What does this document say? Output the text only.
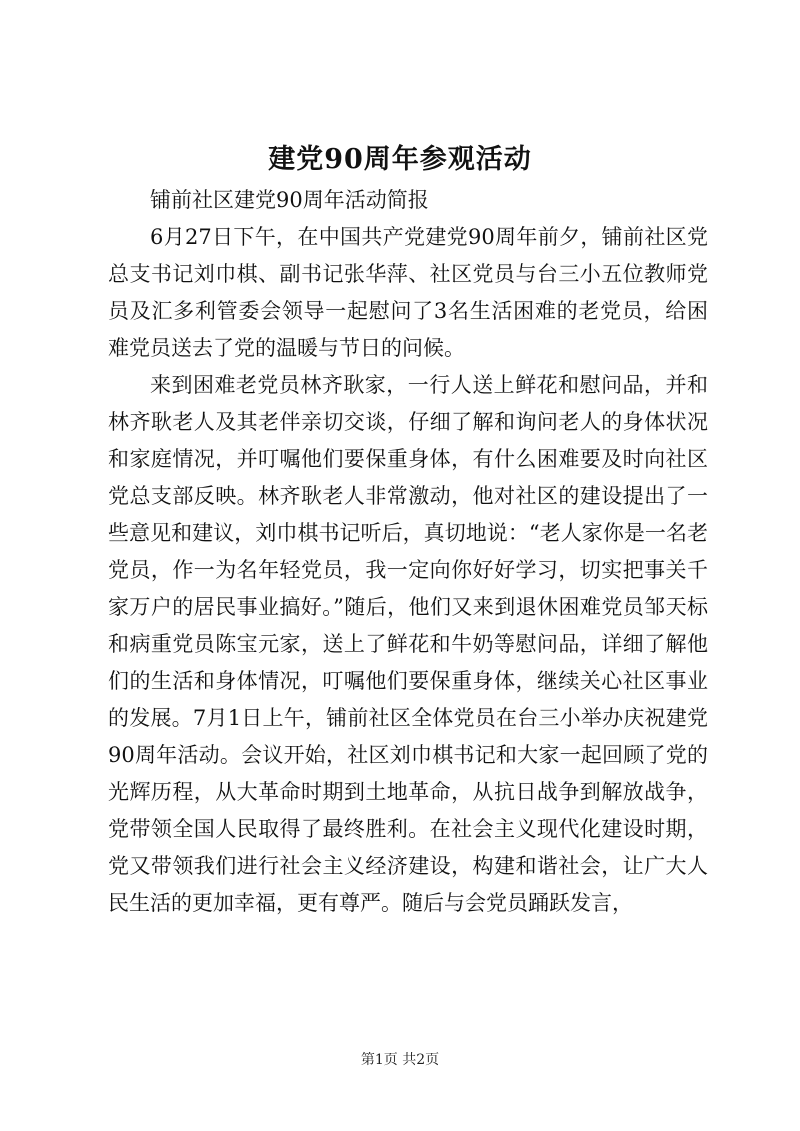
建党90周年参观活动

铺前社区建党90周年活动简报

6月27日下午，在中国共产党建党90周年前夕，铺前社区党总支书记刘巾棋、副书记张华萍、社区党员与台三小五位教师党员及汇多利管委会领导一起慰问了3名生活困难的老党员，给困难党员送去了党的温暖与节日的问候。

来到困难老党员林齐耿家，一行人送上鲜花和慰问品，并和林齐耿老人及其老伴亲切交谈，仔细了解和询问老人的身体状况和家庭情况，并叮嘱他们要保重身体，有什么困难要及时向社区党总支部反映。林齐耿老人非常激动，他对社区的建设提出了一些意见和建议，刘巾棋书记听后，真切地说：“老人家你是一名老党员，作一为名年轻党员，我一定向你好好学习，切实把事关千家万户的居民事业搞好。”随后，他们又来到退休困难党员邹天标和病重党员陈宝元家，送上了鲜花和牛奶等慰问品，详细了解他们的生活和身体情况，叮嘱他们要保重身体，继续关心社区事业的发展。7月1日上午，铺前社区全体党员在台三小举办庆祝建党90周年活动。会议开始，社区刘巾棋书记和大家一起回顾了党的光辉历程，从大革命时期到土地革命，从抗日战争到解放战争，党带领全国人民取得了最终胜利。在社会主义现代化建设时期，党又带领我们进行社会主义经济建设，构建和谐社会，让广大人民生活的更加幸福，更有尊严。随后与会党员踊跃发言，

第1页 共2页
